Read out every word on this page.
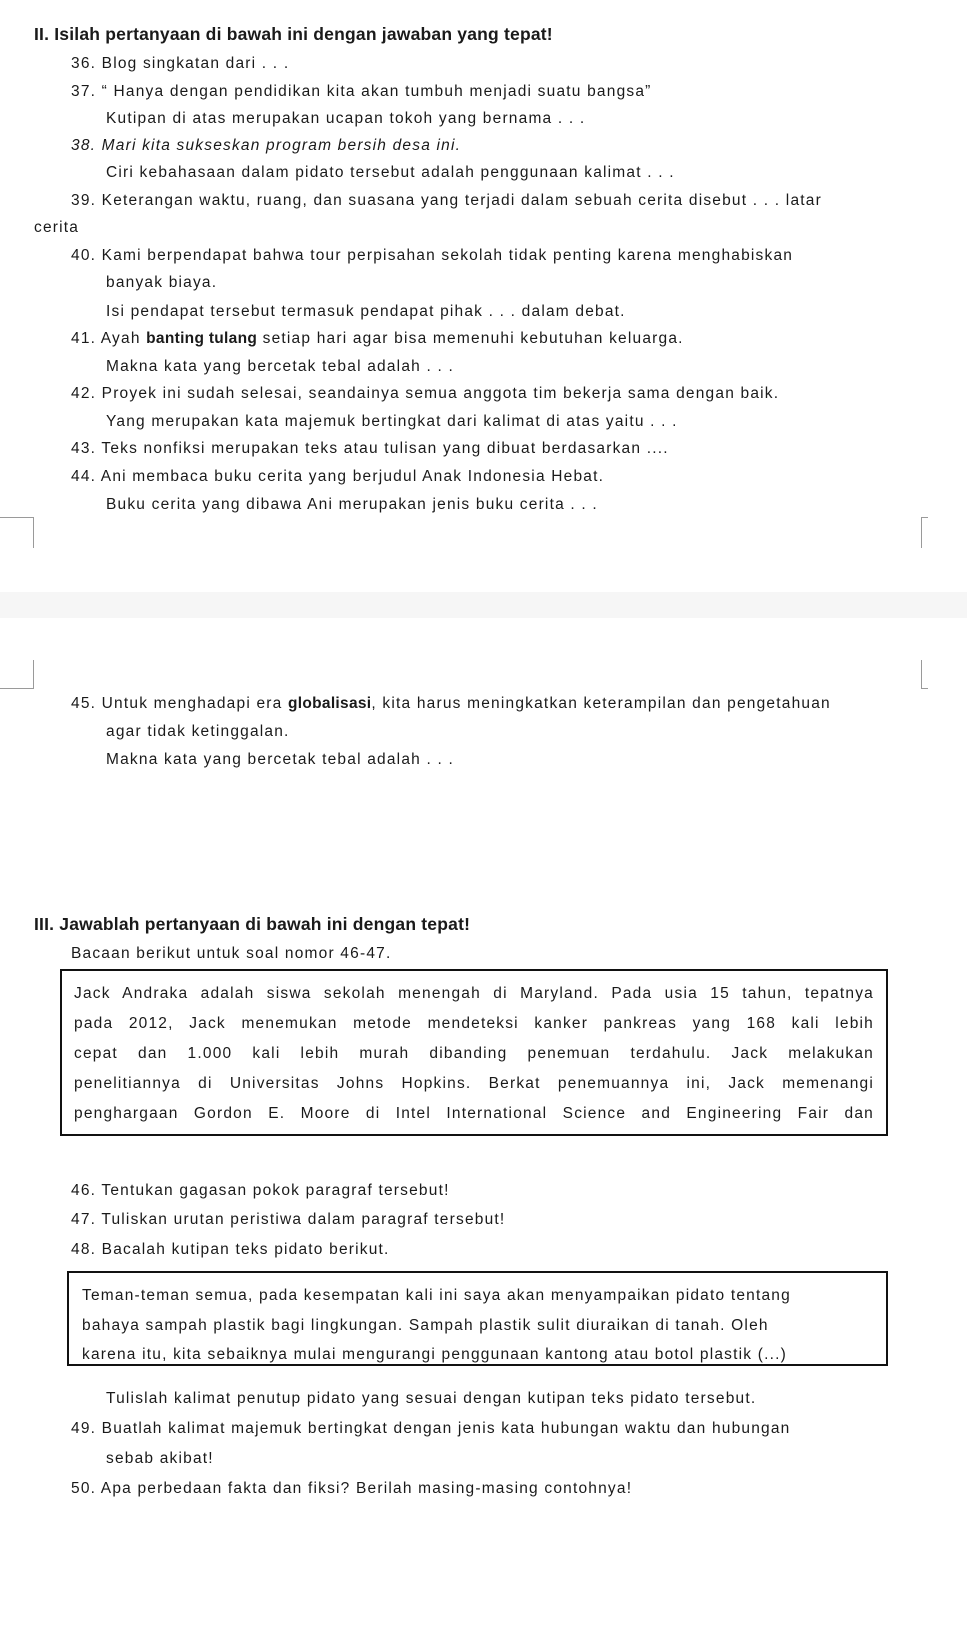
II. Isilah pertanyaan di bawah ini dengan jawaban yang tepat!
36. Blog singkatan dari . . .
37. “ Hanya dengan pendidikan kita akan tumbuh menjadi suatu bangsa”
Kutipan di atas merupakan ucapan tokoh yang bernama . . .
38. Mari kita sukseskan program bersih desa ini.
Ciri kebahasaan dalam pidato tersebut adalah penggunaan kalimat . . .
39. Keterangan waktu, ruang, dan suasana yang terjadi dalam sebuah cerita disebut . . . latar
cerita
40. Kami berpendapat bahwa tour perpisahan sekolah tidak penting karena menghabiskan
banyak biaya.
Isi pendapat tersebut termasuk pendapat pihak . . . dalam debat.
41. Ayah banting tulang setiap hari agar bisa memenuhi kebutuhan keluarga.
Makna kata yang bercetak tebal adalah . . .
42. Proyek ini sudah selesai, seandainya semua anggota tim bekerja sama dengan baik.
Yang merupakan kata majemuk bertingkat dari kalimat di atas yaitu . . .
43. Teks nonfiksi merupakan teks atau tulisan yang dibuat berdasarkan ....
44. Ani membaca buku cerita yang berjudul Anak Indonesia Hebat.
Buku cerita yang dibawa Ani merupakan jenis buku cerita . . .
45. Untuk menghadapi era globalisasi, kita harus meningkatkan keterampilan dan pengetahuan
agar tidak ketinggalan.
Makna kata yang bercetak tebal adalah . . .
III. Jawablah pertanyaan di bawah ini dengan tepat!
Bacaan berikut untuk soal nomor 46-47.
Jack Andraka adalah siswa sekolah menengah di Maryland. Pada usia 15 tahun, tepatnya
pada 2012, Jack menemukan metode mendeteksi kanker pankreas yang 168 kali lebih
cepat dan 1.000 kali lebih murah dibanding penemuan terdahulu. Jack melakukan
penelitiannya di Universitas Johns Hopkins. Berkat penemuannya ini, Jack memenangi
penghargaan Gordon E. Moore di Intel International Science and Engineering Fair dan
46. Tentukan gagasan pokok paragraf tersebut!
47. Tuliskan urutan peristiwa dalam paragraf tersebut!
48. Bacalah kutipan teks pidato berikut.
Teman-teman semua, pada kesempatan kali ini saya akan menyampaikan pidato tentang
bahaya sampah plastik bagi lingkungan. Sampah plastik sulit diuraikan di tanah. Oleh
karena itu, kita sebaiknya mulai mengurangi penggunaan kantong atau botol plastik (...)
Tulislah kalimat penutup pidato yang sesuai dengan kutipan teks pidato tersebut.
49. Buatlah kalimat majemuk bertingkat dengan jenis kata hubungan waktu dan hubungan
sebab akibat!
50. Apa perbedaan fakta dan fiksi? Berilah masing-masing contohnya!
